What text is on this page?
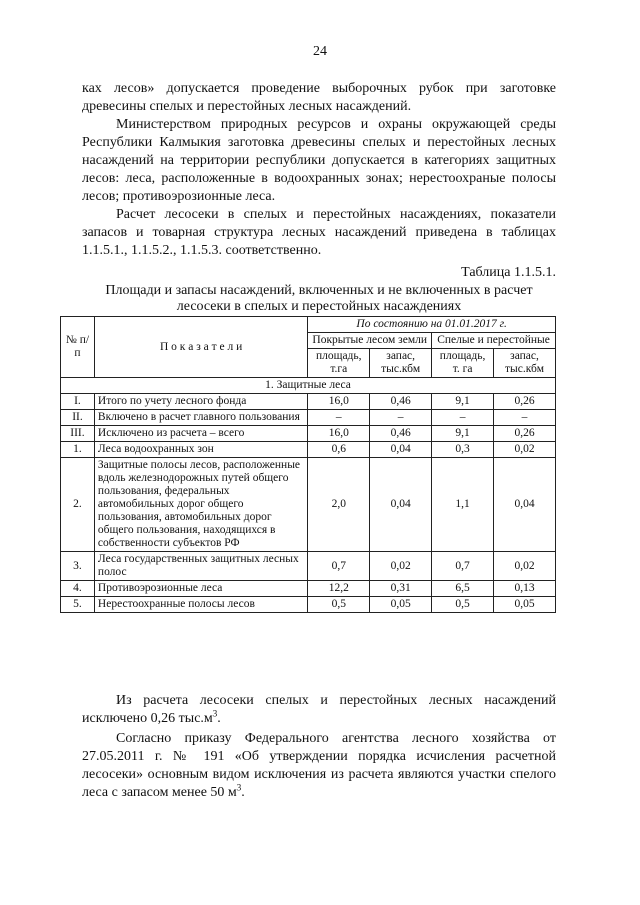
24

ках лесов» допускается проведение выборочных рубок при заготовке древесины спелых и перестойных лесных насаждений.

Министерством природных ресурсов и охраны окружающей среды Республики Калмыкия заготовка древесины спелых и перестойных лесных насаждений на территории республики допускается в категориях защитных лесов: леса, расположенные в водоохранных зонах; нерестоохраные полосы лесов; противоэрозионные леса.

Расчет лесосеки в спелых и перестойных насаждениях, показатели запасов и товарная структура лесных насаждений приведена в таблицах 1.1.5.1., 1.1.5.2., 1.1.5.3. соответственно.

Таблица 1.1.5.1.
Площади и запасы насаждений, включенных и не включенных в расчет лесосеки в спелых и перестойных насаждениях
№ п/п	П о к а з а т е л и	По состоянию на 01.01.2017 г.			
		Покрытые лесом земли		Спелые и перестойные	
		площадь, т.га	запас, тыс.кбм	площадь, т. га	запас, тыс.кбм
1. Защитные леса					
I.	Итого по учету лесного фонда	16,0	0,46	9,1	0,26
II.	Включено в расчет главного пользования	–	–	–	–
III.	Исключено из расчета – всего	16,0	0,46	9,1	0,26
1.	Леса водоохранных зон	0,6	0,04	0,3	0,02
2.	Защитные полосы лесов, расположенные вдоль железнодорожных путей общего пользования, федеральных автомобильных дорог общего пользования, автомобильных дорог общего пользования, находящихся в собственности субъектов РФ	2,0	0,04	1,1	0,04
3.	Леса государственных защитных лесных полос	0,7	0,02	0,7	0,02
4.	Противоэрозионные леса	12,2	0,31	6,5	0,13
5.	Нерестоохранные полосы лесов	0,5	0,05	0,5	0,05

Из расчета лесосеки спелых и перестойных лесных насаждений исключено 0,26 $тыс.м^3$.

Согласно приказу Федерального агентства лесного хозяйства от 27.05.2011 г. № 191 «Об утверждении порядка исчисления расчетной лесосеки» основным видом исключения из расчета являются участки спелого леса с запасом менее 50 $м^3$.
